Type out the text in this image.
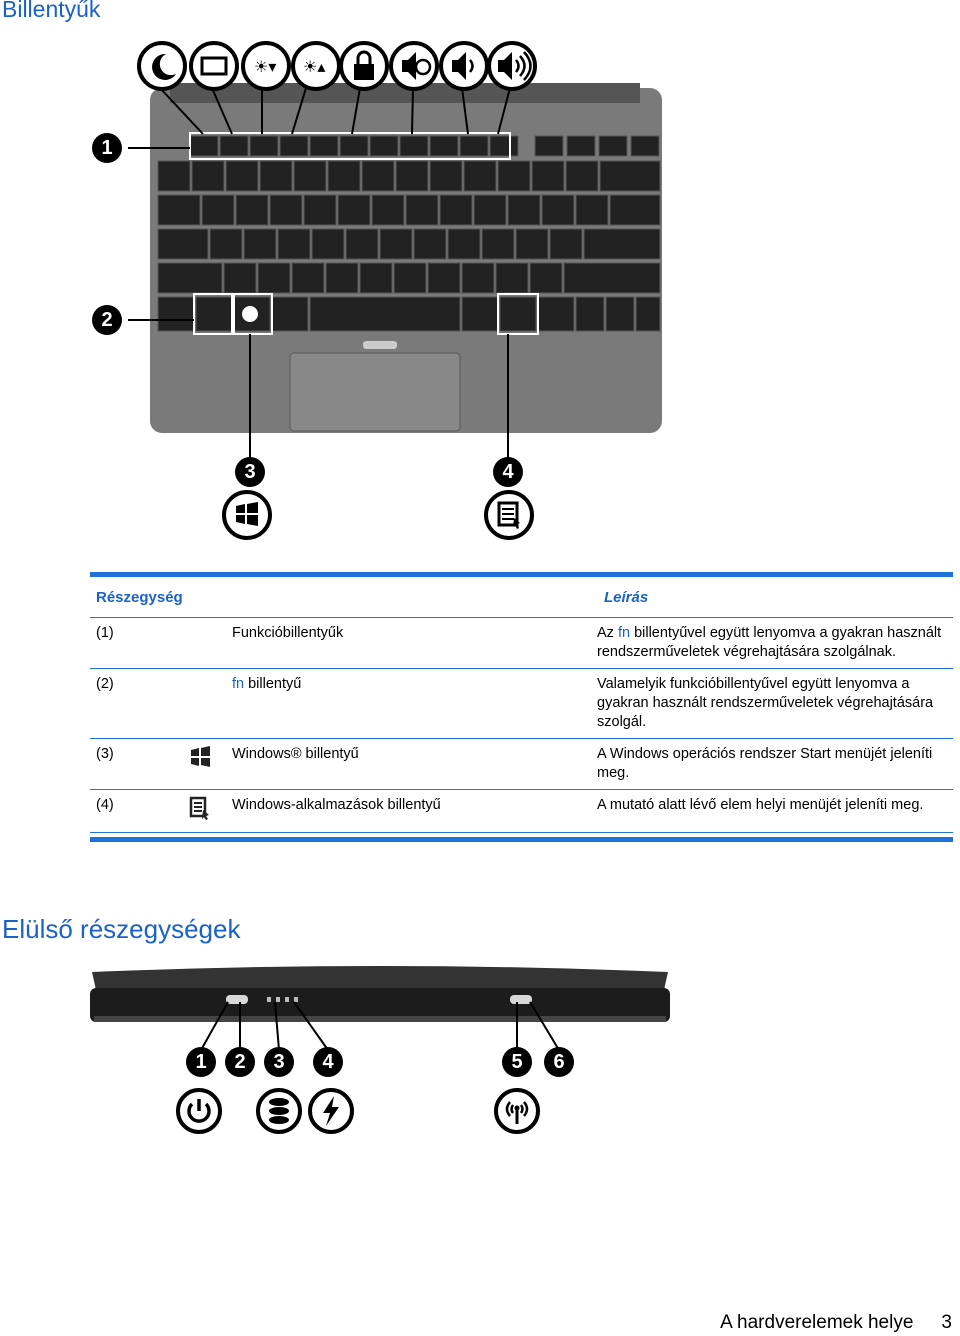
Billentyűk
☀▾ ☀▴
1
2
3	4
Részegység	Leírás
(1)	Funkcióbillentyűk	Az fn billentyűvel együtt lenyomva a gyakran használt rendszerműveletek végrehajtására szolgálnak.
(2)	fn billentyű	Valamelyik funkcióbillentyűvel együtt lenyomva a gyakran használt rendszerműveletek végrehajtására szolgál.
(3)	Windows® billentyű	A Windows operációs rendszer Start menüjét jeleníti meg.
(4)	Windows-alkalmazások billentyű	A mutató alatt lévő elem helyi menüjét jeleníti meg.
Elülső részegységek
1	2	3	4	5	6
A hardverelemek helye 3
